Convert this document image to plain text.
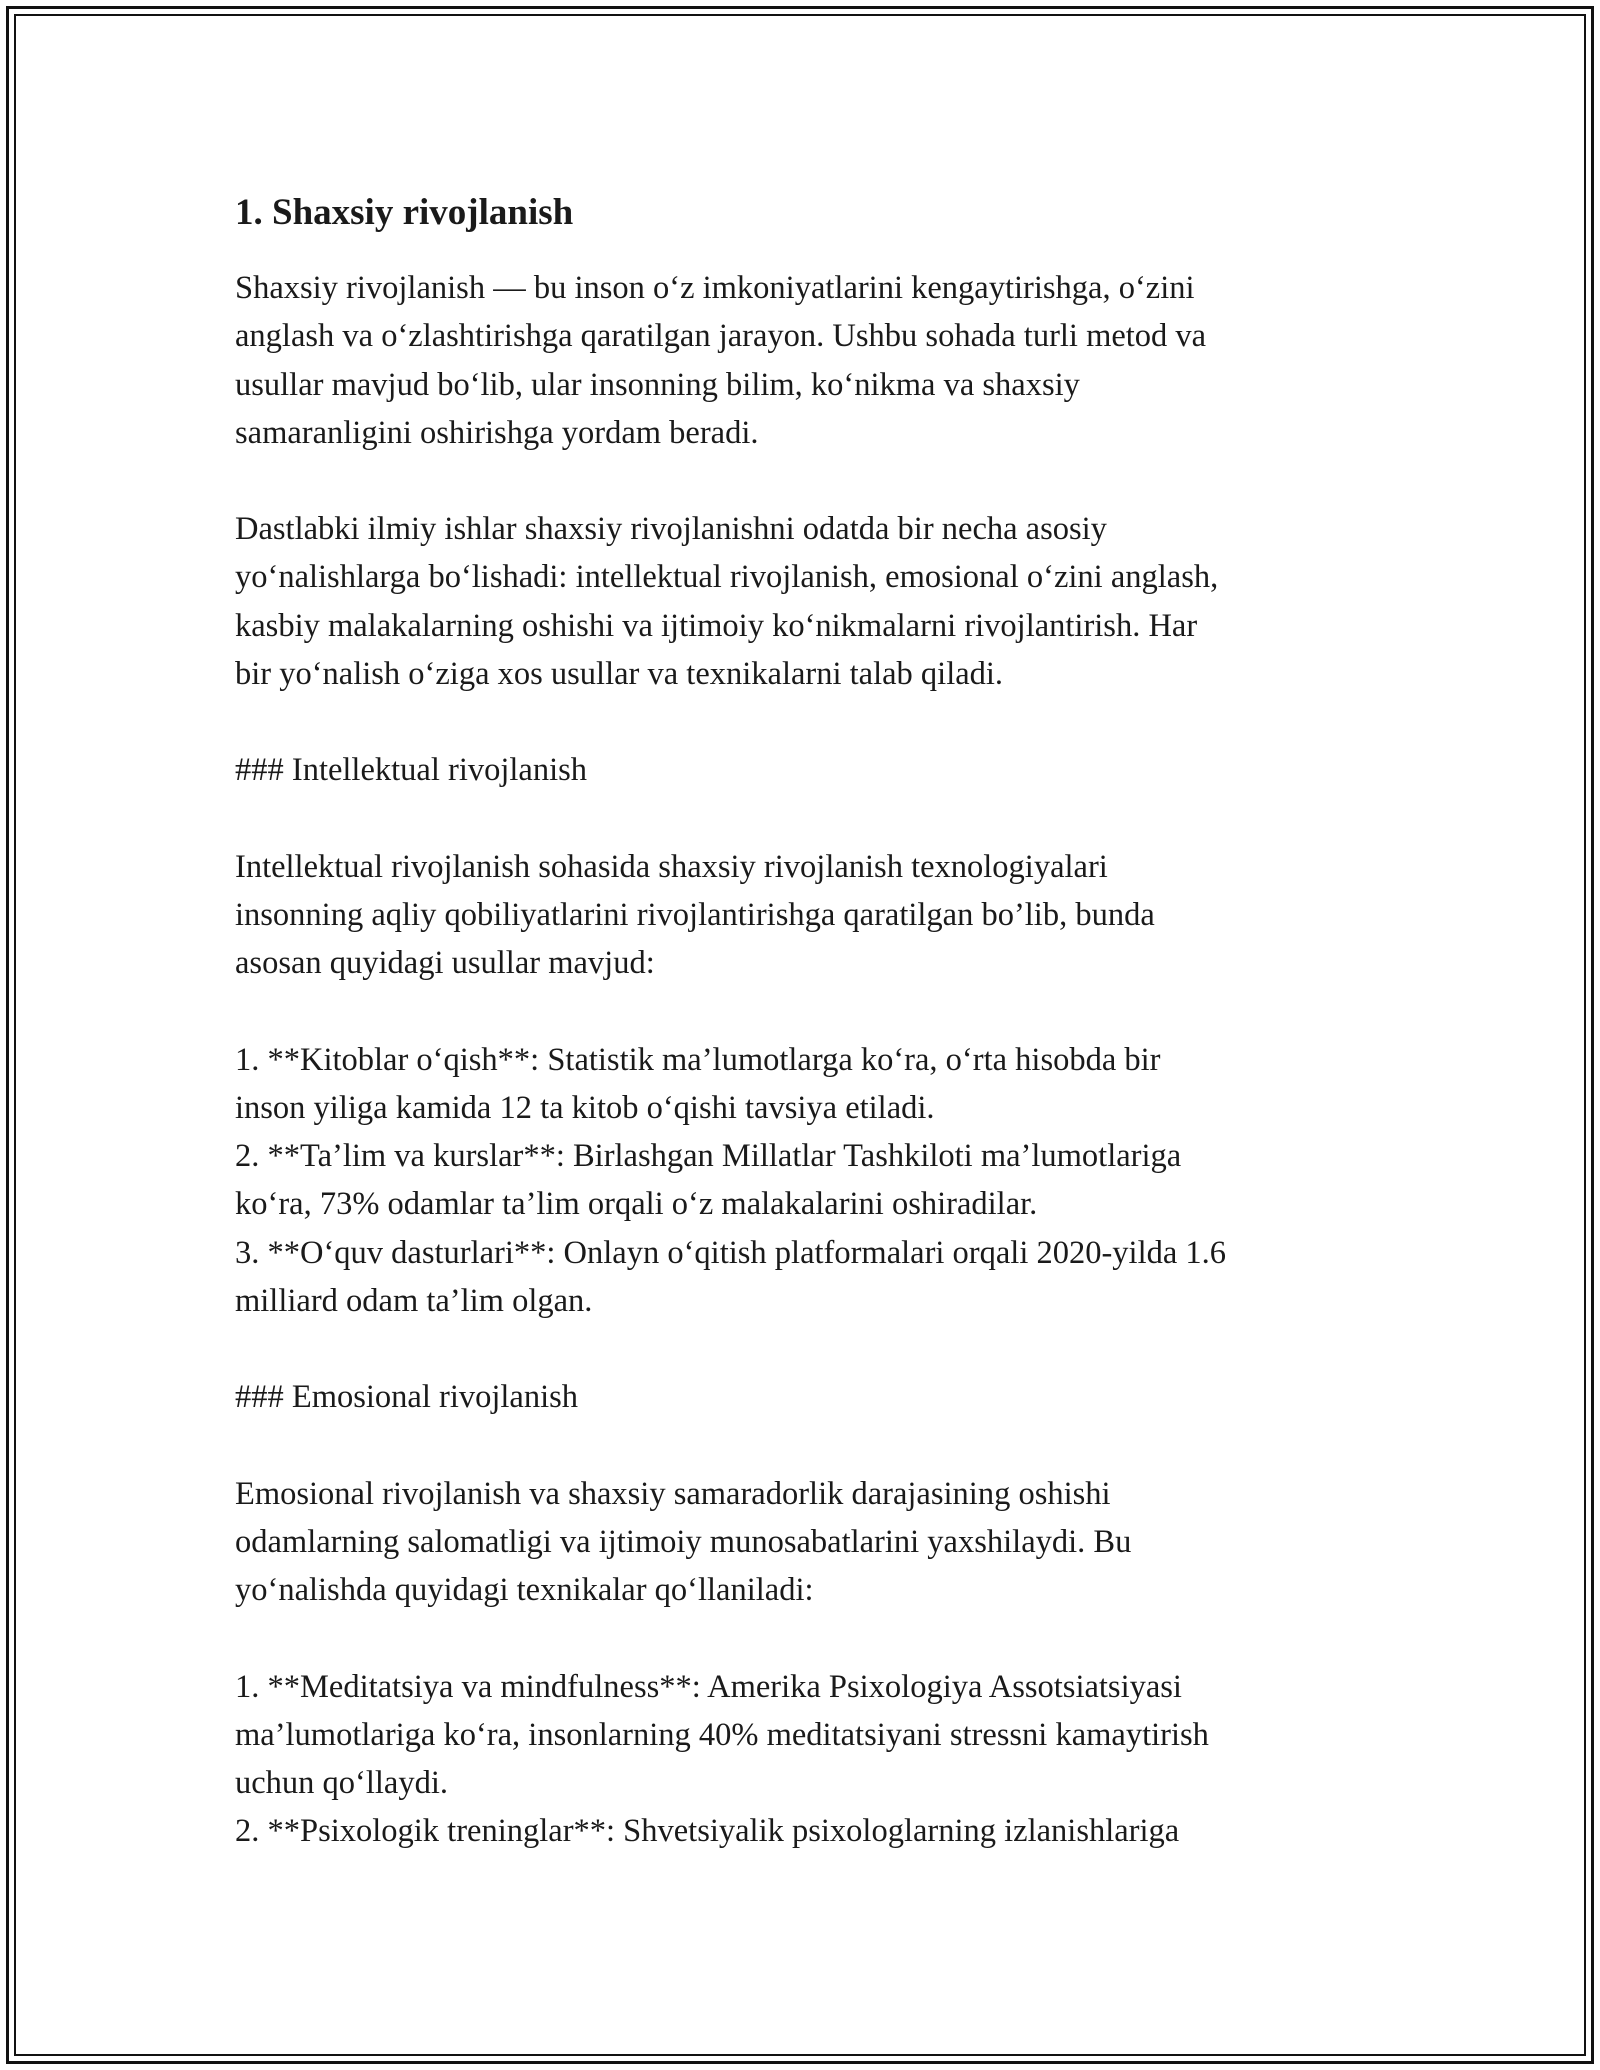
1. Shaxsiy rivojlanish
Shaxsiy rivojlanish — bu inson o‘z imkoniyatlarini kengaytirishga, o‘zini
anglash va o‘zlashtirishga qaratilgan jarayon. Ushbu sohada turli metod va
usullar mavjud bo‘lib, ular insonning bilim, ko‘nikma va shaxsiy
samaranligini oshirishga yordam beradi.
Dastlabki ilmiy ishlar shaxsiy rivojlanishni odatda bir necha asosiy
yo‘nalishlarga bo‘lishadi: intellektual rivojlanish, emosional o‘zini anglash,
kasbiy malakalarning oshishi va ijtimoiy ko‘nikmalarni rivojlantirish. Har
bir yo‘nalish o‘ziga xos usullar va texnikalarni talab qiladi.
### Intellektual rivojlanish
Intellektual rivojlanish sohasida shaxsiy rivojlanish texnologiyalari
insonning aqliy qobiliyatlarini rivojlantirishga qaratilgan bo’lib, bunda
asosan quyidagi usullar mavjud:
1. **Kitoblar o‘qish**: Statistik ma’lumotlarga ko‘ra, o‘rta hisobda bir
inson yiliga kamida 12 ta kitob o‘qishi tavsiya etiladi.
2. **Ta’lim va kurslar**: Birlashgan Millatlar Tashkiloti ma’lumotlariga
ko‘ra, 73% odamlar ta’lim orqali o‘z malakalarini oshiradilar.
3. **O‘quv dasturlari**: Onlayn o‘qitish platformalari orqali 2020-yilda 1.6
milliard odam ta’lim olgan.
### Emosional rivojlanish
Emosional rivojlanish va shaxsiy samaradorlik darajasining oshishi
odamlarning salomatligi va ijtimoiy munosabatlarini yaxshilaydi. Bu
yo‘nalishda quyidagi texnikalar qo‘llaniladi:
1. **Meditatsiya va mindfulness**: Amerika Psixologiya Assotsiatsiyasi
ma’lumotlariga ko‘ra, insonlarning 40% meditatsiyani stressni kamaytirish
uchun qo‘llaydi.
2. **Psixologik treninglar**: Shvetsiyalik psixologlarning izlanishlariga
